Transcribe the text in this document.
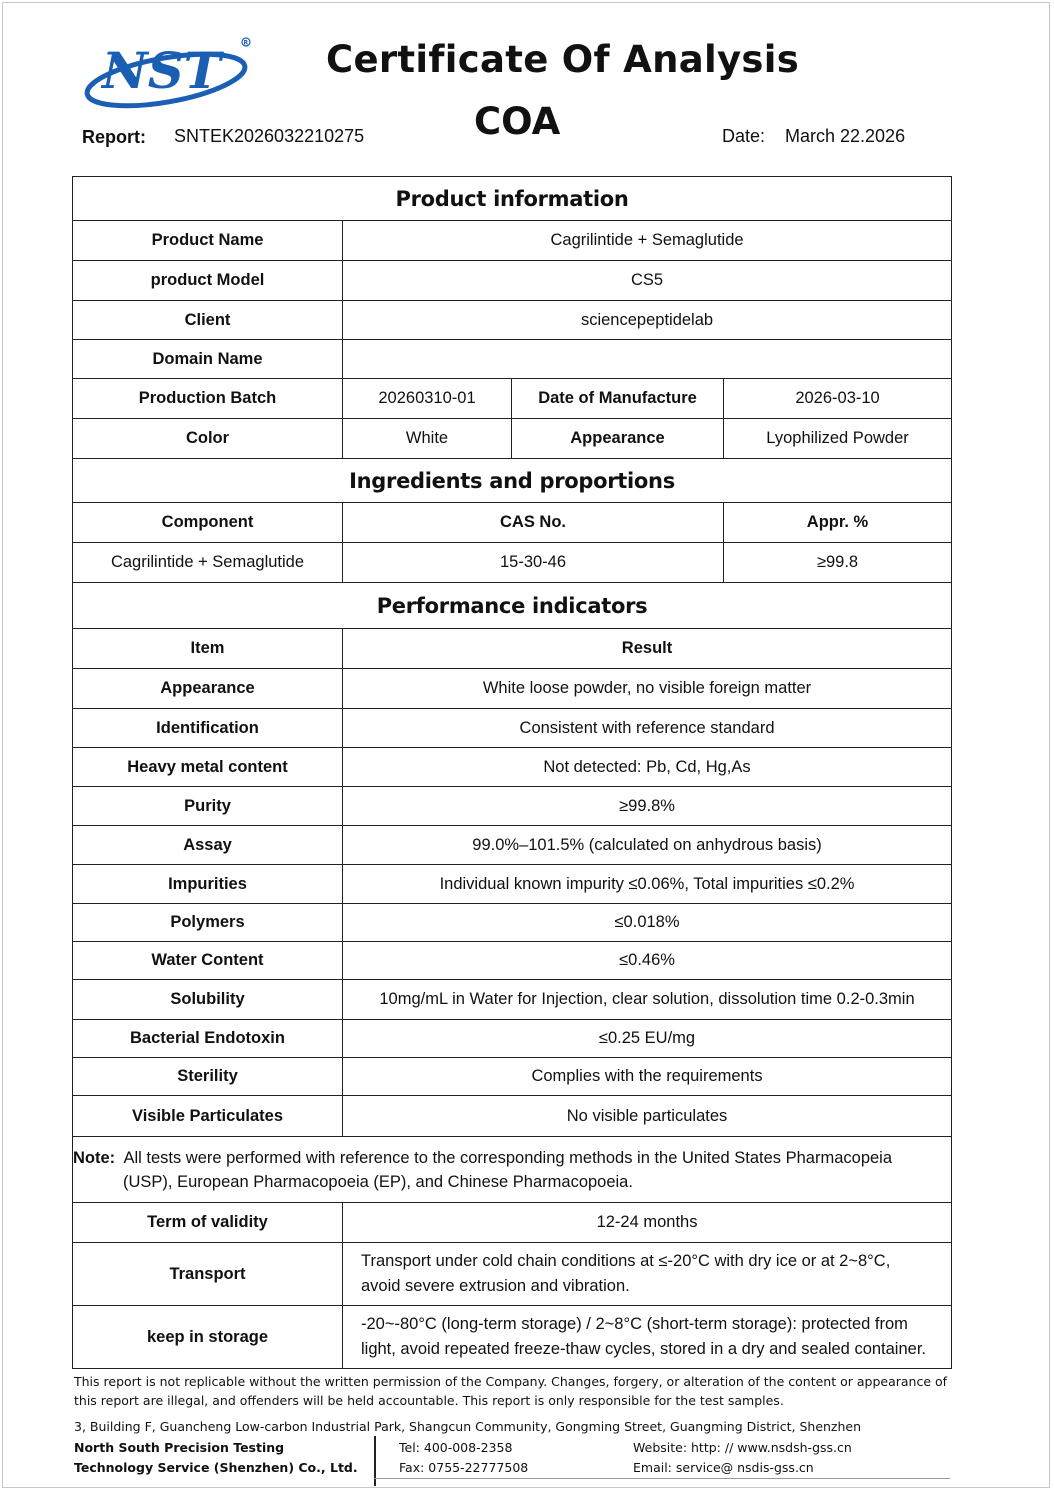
NST	R Certificate Of Analysis
COA
Report: SNTEK2026032210275	Date: March 22.2026
Product information			
Product Name	Cagrilintide + Semaglutide		
product Model	CS5		
Client	sciencepeptidelab		
Domain Name			
Production Batch	20260310-01	Date of Manufacture	2026-03-10
Color	White	Appearance	Lyophilized Powder
Ingredients and proportions			
Component	CAS No.		Appr. %
Cagrilintide + Semaglutide	15-30-46		≥99.8
Performance indicators			
Item	Result		
Appearance	White loose powder, no visible foreign matter		
Identification	Consistent with reference standard		
Heavy metal content	Not detected: Pb, Cd, Hg,As		
Purity	≥99.8%		
Assay	99.0%–101.5% (calculated on anhydrous basis)		
Impurities	Individual known impurity ≤0.06%, Total impurities ≤0.2%		
Polymers	≤0.018%		
Water Content	≤0.46%		
Solubility	10mg/mL in Water for Injection, clear solution, dissolution time 0.2-0.3min		
Bacterial Endotoxin	≤0.25 EU/mg		
Sterility	Complies with the requirements		
Visible Particulates	No visible particulates		

Note: All tests were performed with reference to the corresponding methods in the United States Pharmacopeia
(USP), European Pharmacopoeia (EP), and Chinese Pharmacopoeia.			

Term of validity	12-24 months		
Transport	Transport under cold chain conditions at ≤-20°C with dry ice or at 2~8°C,
avoid severe extrusion and vibration.		

keep in storage	-20~-80°C (long-term storage) / 2~8°C (short-term storage): protected from
light, avoid repeated freeze-thaw cycles, stored in a dry and sealed container.		
This report is not replicable without the written permission of the Company. Changes, forgery, or alteration of the content or appearance of
this report are illegal, and offenders will be held accountable. This report is only responsible for the test samples.
3, Building F, Guancheng Low-carbon Industrial Park, Shangcun Community, Gongming Street, Guangming District, Shenzhen
North South Precision Testing
Technology Service (Shenzhen) Co., Ltd.
Tel: 400-008-2358
Fax: 0755-22777508
Website: http: // www.nsdsh-gss.cn
Email: service@ nsdis-gss.cn
